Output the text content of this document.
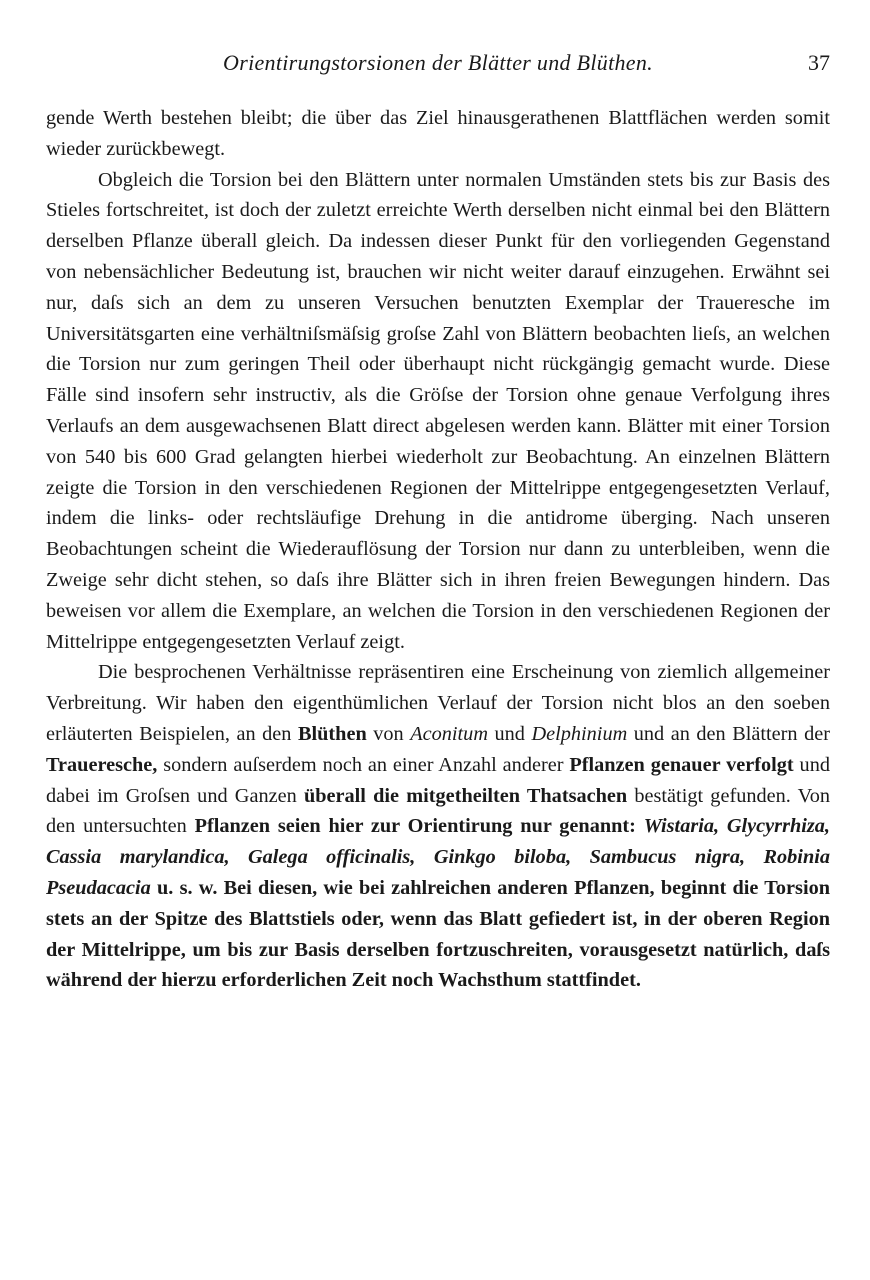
Orientirungstorsionen der Blätter und Blüthen.	37

gende Werth bestehen bleibt; die über das Ziel hinausgerathenen Blattflächen werden somit wieder zurückbewegt.

Obgleich die Torsion bei den Blättern unter normalen Umständen stets bis zur Basis des Stieles fortschreitet, ist doch der zuletzt erreichte Werth derselben nicht einmal bei den Blättern derselben Pflanze überall gleich. Da indessen dieser Punkt für den vorliegenden Gegenstand von nebensächlicher Bedeutung ist, brauchen wir nicht weiter darauf einzugehen. Erwähnt sei nur, daſs sich an dem zu unseren Versuchen benutzten Exemplar der Traueresche im Universitätsgarten eine verhältniſsmäſsig groſse Zahl von Blättern beobachten lieſs, an welchen die Torsion nur zum geringen Theil oder überhaupt nicht rückgängig gemacht wurde. Diese Fälle sind insofern sehr instructiv, als die Gröſse der Torsion ohne genaue Verfolgung ihres Verlaufs an dem ausgewachsenen Blatt direct abgelesen werden kann. Blätter mit einer Torsion von 540 bis 600 Grad gelangten hierbei wiederholt zur Beobachtung. An einzelnen Blättern zeigte die Torsion in den verschiedenen Regionen der Mittelrippe entgegengesetzten Verlauf, indem die links- oder rechtsläufige Drehung in die antidrome überging. Nach unseren Beobachtungen scheint die Wiederauflösung der Torsion nur dann zu unterbleiben, wenn die Zweige sehr dicht stehen, so daſs ihre Blätter sich in ihren freien Bewegungen hindern. Das beweisen vor allem die Exemplare, an welchen die Torsion in den verschiedenen Regionen der Mittelrippe entgegengesetzten Verlauf zeigt.

Die besprochenen Verhältnisse repräsentiren eine Erscheinung von ziemlich allgemeiner Verbreitung. Wir haben den eigenthümlichen Verlauf der Torsion nicht blos an den soeben erläuterten Beispielen, an den Blüthen von Aconitum und Delphinium und an den Blättern der Traueresche, sondern auſserdem noch an einer Anzahl anderer Pflanzen genauer verfolgt und dabei im Groſsen und Ganzen überall die mitgetheilten Thatsachen bestätigt gefunden. Von den untersuchten Pflanzen seien hier zur Orientirung nur genannt: Wistaria, Glycyrrhiza, Cassia marylandica, Galega officinalis, Ginkgo biloba, Sambucus nigra, Robinia Pseudacacia u. s. w. Bei diesen, wie bei zahlreichen anderen Pflanzen, beginnt die Torsion stets an der Spitze des Blattstiels oder, wenn das Blatt gefiedert ist, in der oberen Region der Mittelrippe, um bis zur Basis derselben fortzuschreiten, vorausgesetzt natürlich, daſs während der hierzu erforderlichen Zeit noch Wachsthum stattfindet.
